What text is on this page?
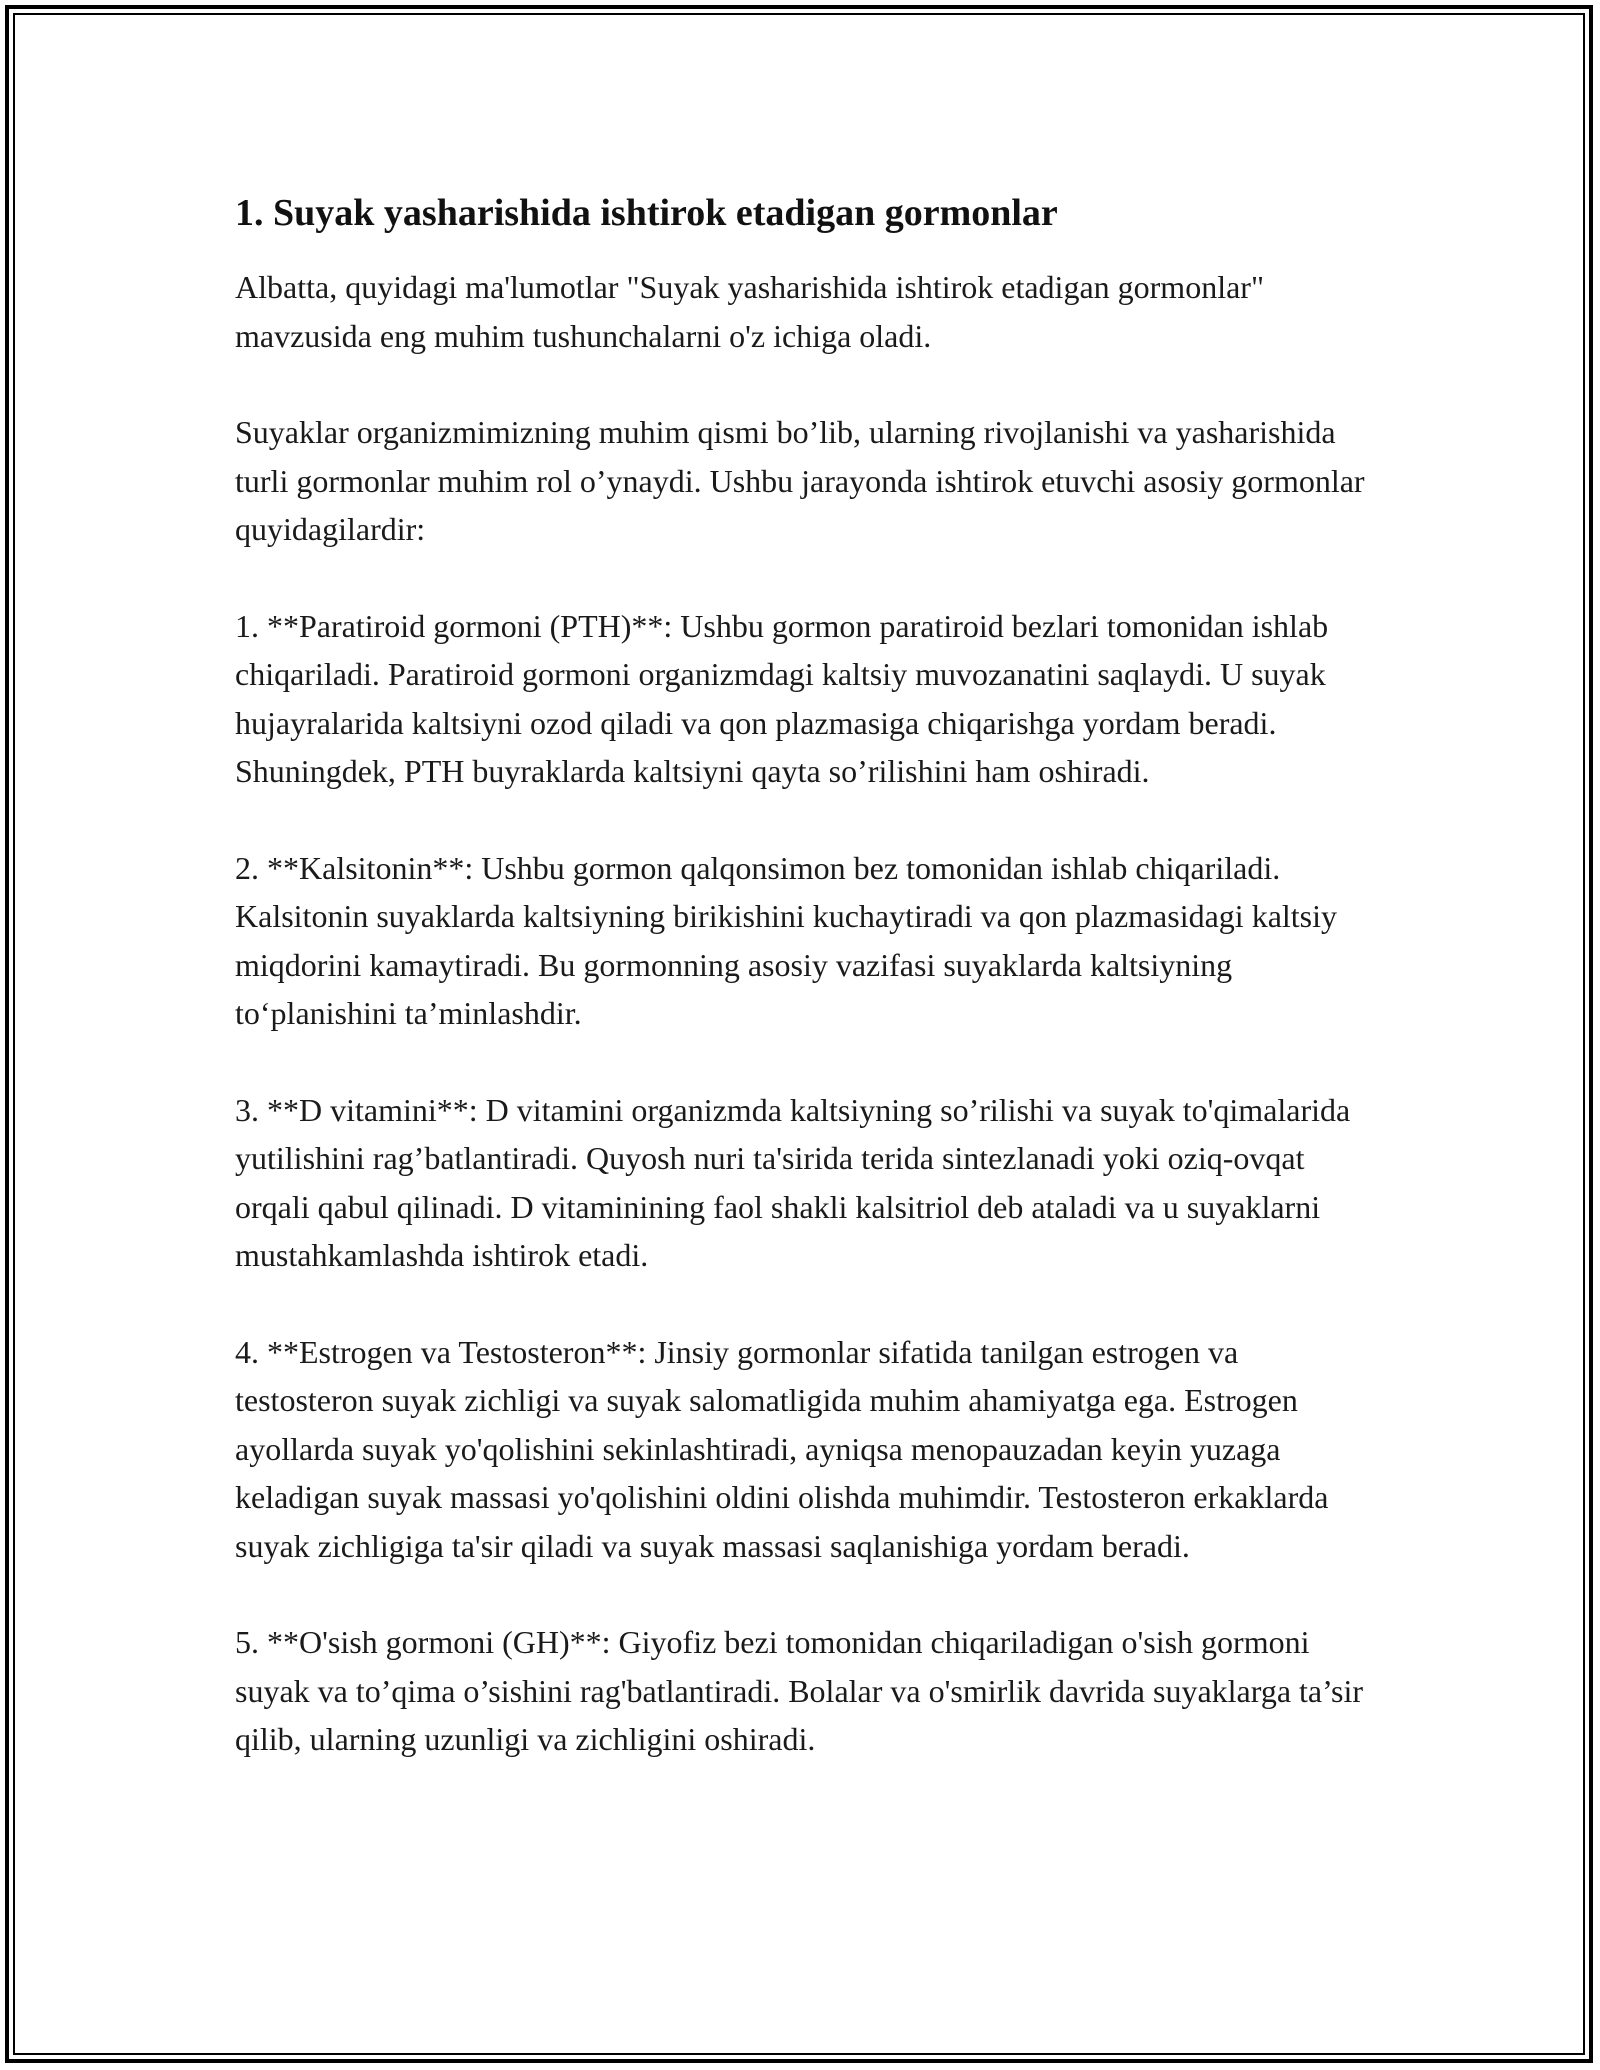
1. Suyak yasharishida ishtirok etadigan gormonlar

Albatta, quyidagi ma'lumotlar "Suyak yasharishida ishtirok etadigan gormonlar" mavzusida eng muhim tushunchalarni o'z ichiga oladi.

Suyaklar organizmimizning muhim qismi bo’lib, ularning rivojlanishi va yasharishida turli gormonlar muhim rol o’ynaydi. Ushbu jarayonda ishtirok etuvchi asosiy gormonlar quyidagilardir:

1. **Paratiroid gormoni (PTH)**: Ushbu gormon paratiroid bezlari tomonidan ishlab chiqariladi. Paratiroid gormoni organizmdagi kaltsiy muvozanatini saqlaydi. U suyak hujayralarida kaltsiyni ozod qiladi va qon plazmasiga chiqarishga yordam beradi. Shuningdek, PTH buyraklarda kaltsiyni qayta so’rilishini ham oshiradi.

2. **Kalsitonin**: Ushbu gormon qalqonsimon bez tomonidan ishlab chiqariladi. Kalsitonin suyaklarda kaltsiyning birikishini kuchaytiradi va qon plazmasidagi kaltsiy miqdorini kamaytiradi. Bu gormonning asosiy vazifasi suyaklarda kaltsiyning to‘planishini ta’minlashdir.

3. **D vitamini**: D vitamini organizmda kaltsiyning so’rilishi va suyak to'qimalarida yutilishini rag’batlantiradi. Quyosh nuri ta'sirida terida sintezlanadi yoki oziq-ovqat orqali qabul qilinadi. D vitaminining faol shakli kalsitriol deb ataladi va u suyaklarni mustahkamlashda ishtirok etadi.

4. **Estrogen va Testosteron**: Jinsiy gormonlar sifatida tanilgan estrogen va testosteron suyak zichligi va suyak salomatligida muhim ahamiyatga ega. Estrogen ayollarda suyak yo'qolishini sekinlashtiradi, ayniqsa menopauzadan keyin yuzaga keladigan suyak massasi yo'qolishini oldini olishda muhimdir. Testosteron erkaklarda suyak zichligiga ta'sir qiladi va suyak massasi saqlanishiga yordam beradi.

5. **O'sish gormoni (GH)**: Giyofiz bezi tomonidan chiqariladigan o'sish gormoni suyak va to’qima o’sishini rag'batlantiradi. Bolalar va o'smirlik davrida suyaklarga ta’sir qilib, ularning uzunligi va zichligini oshiradi.
